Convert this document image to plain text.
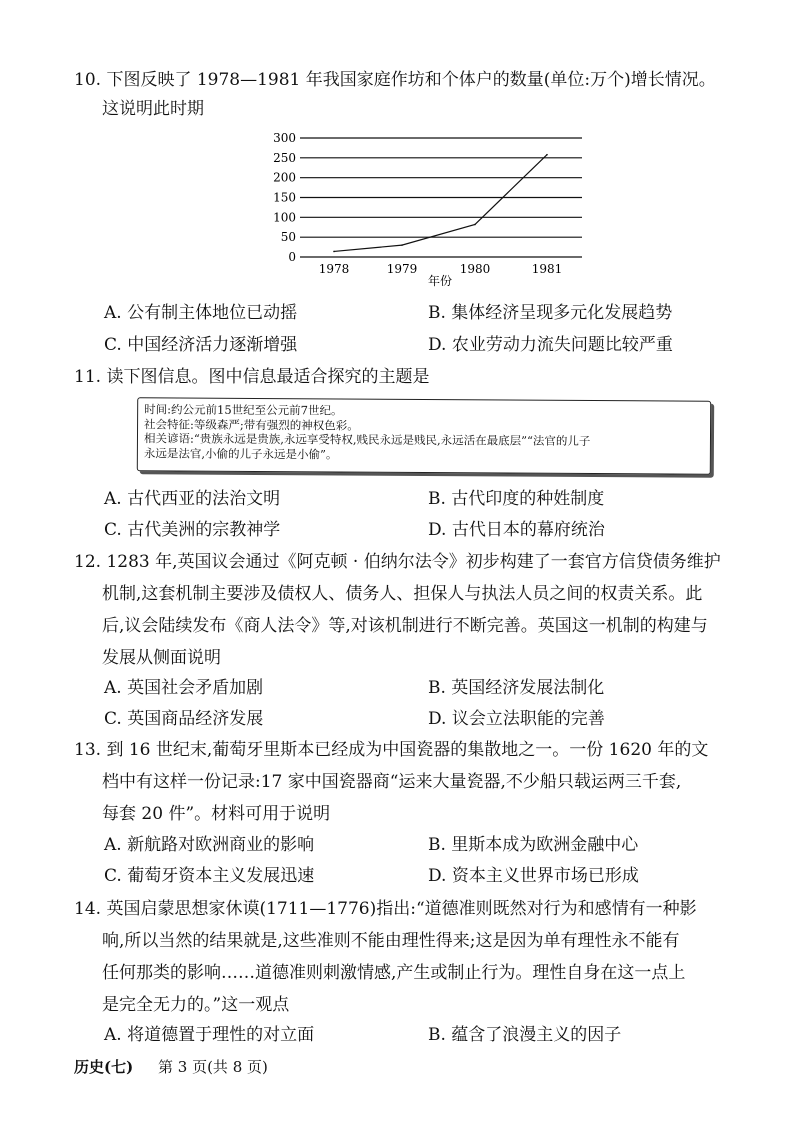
10. 下图反映了 1978—1981 年我国家庭作坊和个体户的数量(单位:万个)增长情况。
这说明此时期
0
50
100
150
200
250
300
1978	1979	1980	1981
年份
A. 公有制主体地位已动摇	B. 集体经济呈现多元化发展趋势
C. 中国经济活力逐渐增强	D. 农业劳动力流失问题比较严重
11. 读下图信息。图中信息最适合探究的主题是
时间:约公元前15世纪至公元前7世纪。
社会特征:等级森严;带有强烈的神权色彩。
相关谚语:“贵族永远是贵族,永远享受特权,贱民永远是贱民,永远活在最底层”“法官的儿子
永远是法官,小偷的儿子永远是小偷”。
A. 古代西亚的法治文明	B. 古代印度的种姓制度
C. 古代美洲的宗教神学	D. 古代日本的幕府统治
12. 1283 年,英国议会通过《阿克顿 · 伯纳尔法令》初步构建了一套官方信贷债务维护
机制,这套机制主要涉及债权人、债务人、担保人与执法人员之间的权责关系。此
后,议会陆续发布《商人法令》等,对该机制进行不断完善。英国这一机制的构建与
发展从侧面说明
A. 英国社会矛盾加剧	B. 英国经济发展法制化
C. 英国商品经济发展	D. 议会立法职能的完善
13. 到 16 世纪末,葡萄牙里斯本已经成为中国瓷器的集散地之一。一份 1620 年的文
档中有这样一份记录:17 家中国瓷器商“运来大量瓷器,不少船只载运两三千套,
每套 20 件”。材料可用于说明
A. 新航路对欧洲商业的影响	B. 里斯本成为欧洲金融中心
C. 葡萄牙资本主义发展迅速	D. 资本主义世界市场已形成
14. 英国启蒙思想家休谟(1711—1776)指出:“道德准则既然对行为和感情有一种影
响,所以当然的结果就是,这些准则不能由理性得来;这是因为单有理性永不能有
任何那类的影响……道德准则刺激情感,产生或制止行为。理性自身在这一点上
是完全无力的。”这一观点
A. 将道德置于理性的对立面	B. 蕴含了浪漫主义的因子
历史(七) 第 3 页(共 8 页)
